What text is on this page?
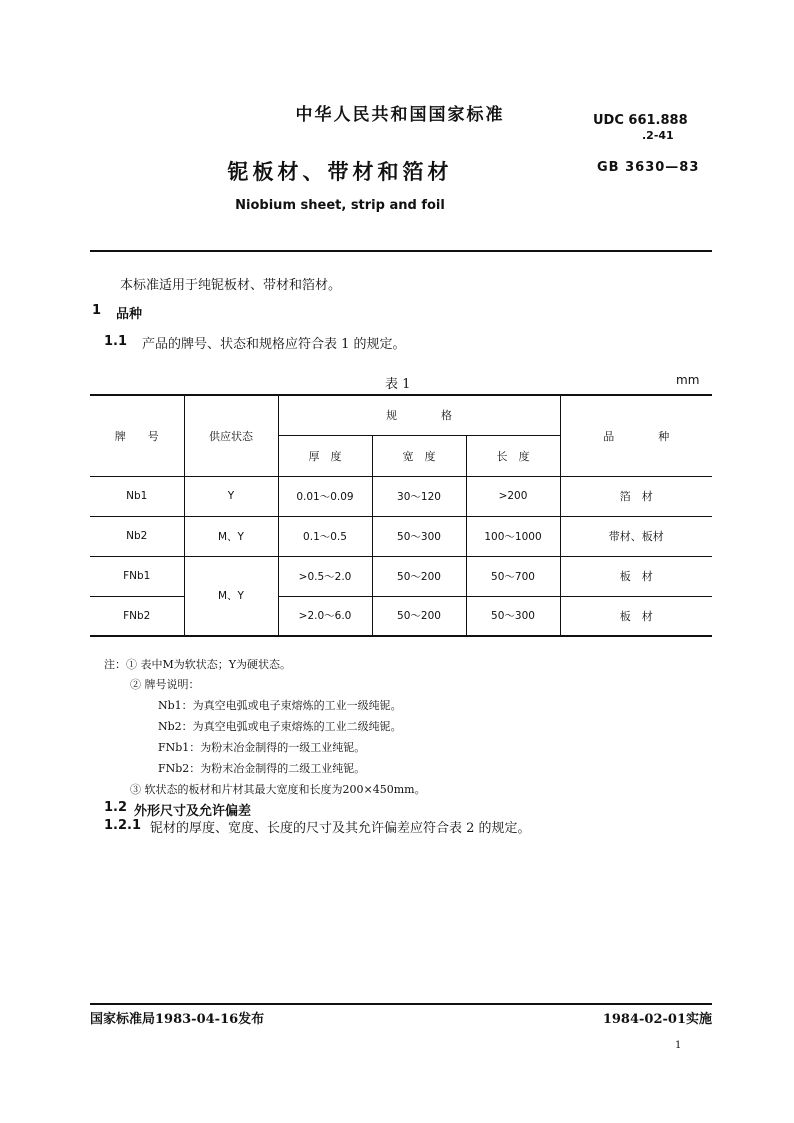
中华人民共和国国家标准	UDC 661.888
.2-41
GB 3630—83
铌板材、带材和箔材
Niobium sheet, strip and foil
本标准适用于纯铌板材、带材和箔材。
1 品种
1.1 产品的牌号、状态和规格应符合表 1 的规定。
表 1	mm
牌　　号	供应状态	规　　　　格			品　　　　种
		厚　度	宽　度	长　度	
Nb1	Y	0.01～0.09	30～120	>200	箔　材
Nb2	M、Y	0.1～0.5	50～300	100～1000	带材、板材
FNb1	M、Y	>0.5～2.0	50～200	50～700	板　材
FNb2		>2.0～6.0	50～200	50～300	板　材
注：① 表中M为软状态；Y为硬状态。
② 牌号说明：
Nb1：为真空电弧或电子束熔炼的工业一级纯铌。
Nb2：为真空电弧或电子束熔炼的工业二级纯铌。
FNb1：为粉末冶金制得的一级工业纯铌。
FNb2：为粉末冶金制得的二级工业纯铌。
③ 软状态的板材和片材其最大宽度和长度为200×450mm。
1.2 外形尺寸及允许偏差
1.2.1 铌材的厚度、宽度、长度的尺寸及其允许偏差应符合表 2 的规定。
国家标准局1983-04-16发布	1984-02-01实施
1
